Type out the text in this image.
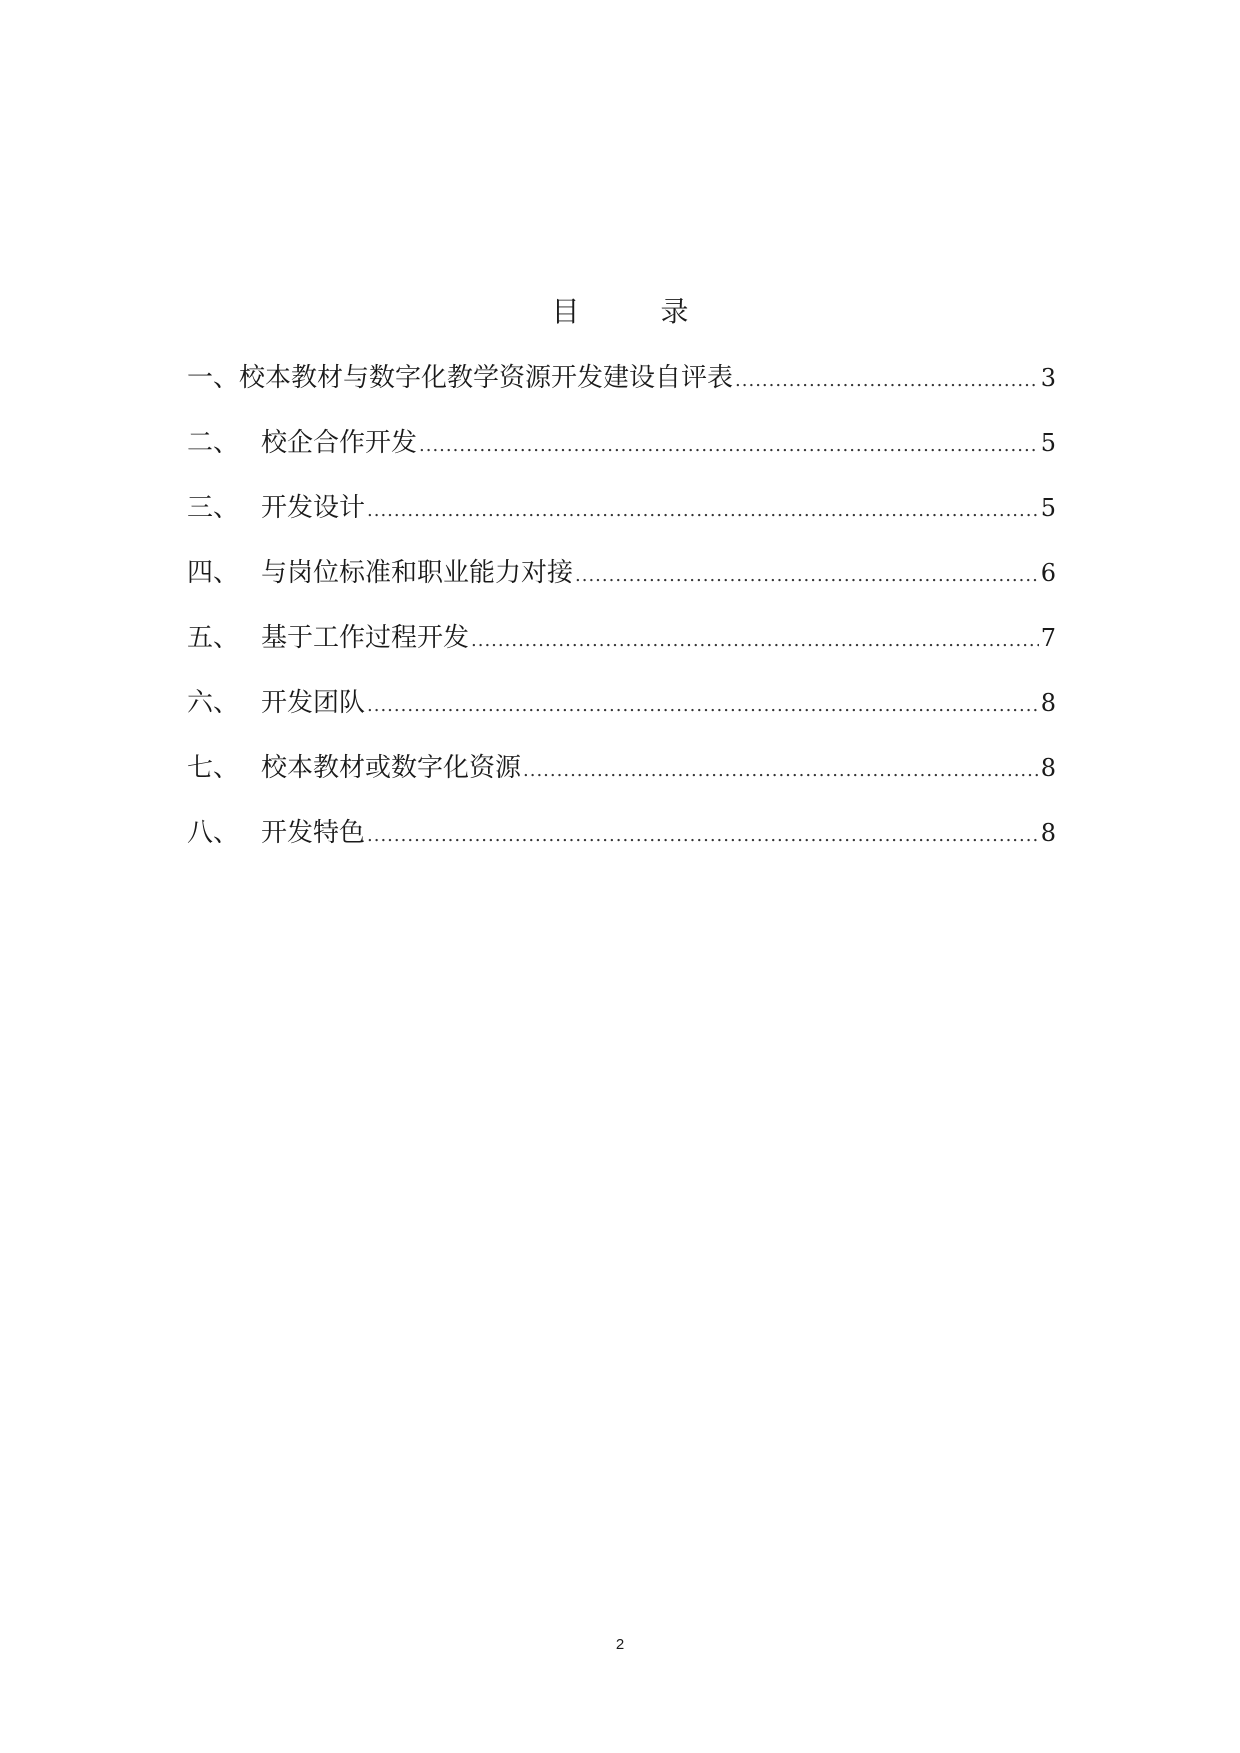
目 录
一、 校本教材与数字化教学资源开发建设自评表 .....	3
二、 校企合作开发 .....	5
三、 开发设计 .....	5
四、 与岗位标准和职业能力对接 .....	6
五、 基于工作过程开发 .....	7
六、 开发团队 .....	8
七、 校本教材或数字化资源 .....	8
八、 开发特色 .....	8
2
